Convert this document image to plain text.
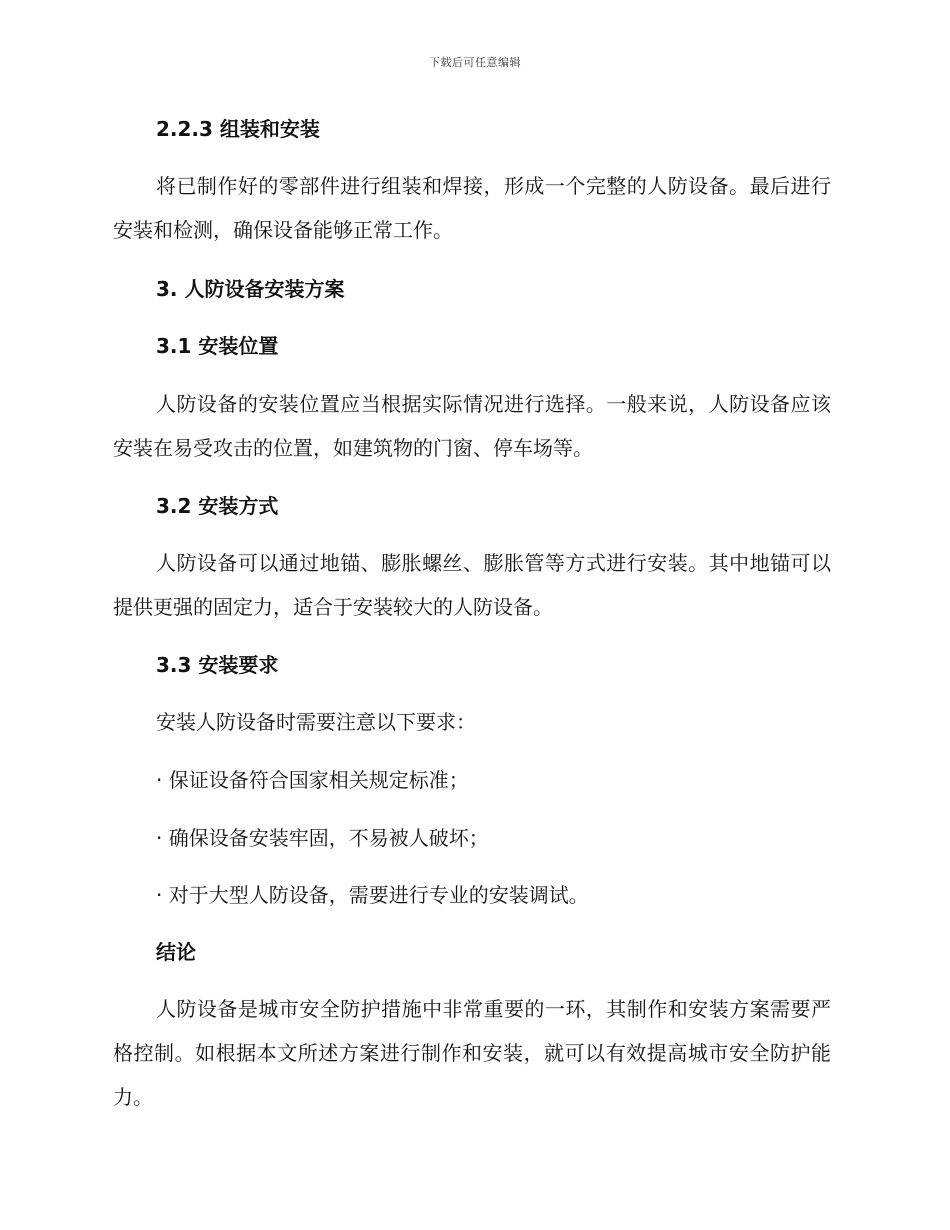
下载后可任意编辑
2.2.3 组装和安装
将已制作好的零部件进行组装和焊接，形成一个完整的人防设备。最后进行安装和检测，确保设备能够正常工作。
3. 人防设备安装方案
3.1 安装位置
人防设备的安装位置应当根据实际情况进行选择。一般来说，人防设备应该安装在易受攻击的位置，如建筑物的门窗、停车场等。
3.2 安装方式
人防设备可以通过地锚、膨胀螺丝、膨胀管等方式进行安装。其中地锚可以提供更强的固定力，适合于安装较大的人防设备。
3.3 安装要求
安装人防设备时需要注意以下要求：
· 保证设备符合国家相关规定标准；
· 确保设备安装牢固，不易被人破坏；
· 对于大型人防设备，需要进行专业的安装调试。
结论
人防设备是城市安全防护措施中非常重要的一环，其制作和安装方案需要严格控制。如根据本文所述方案进行制作和安装，就可以有效提高城市安全防护能力。
